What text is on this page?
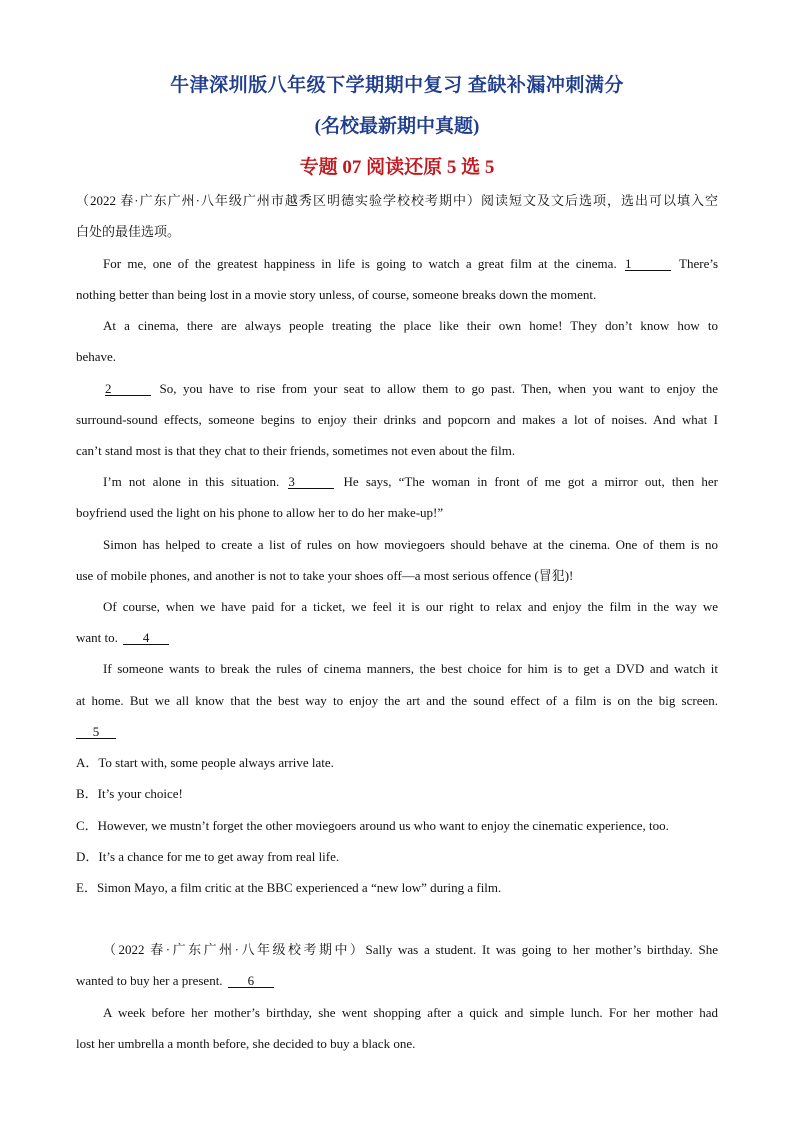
牛津深圳版八年级下学期期中复习 查缺补漏冲刺满分
(名校最新期中真题)
专题 07 阅读还原 5 选 5
（2022 春·广东广州·八年级广州市越秀区明德实验学校校考期中）阅读短文及文后选项，选出可以填入空
白处的最佳选项。
For me, one of the greatest happiness in life is going to watch a great film at the cinema. 1	There’s
nothing better than being lost in a movie story unless, of course, someone breaks down the moment.
At a cinema, there are always people treating the place like their own home! They don’t know how to
behave.
2	So, you have to rise from your seat to allow them to go past. Then, when you want to enjoy the
surround-sound effects, someone begins to enjoy their drinks and popcorn and makes a lot of noises. And what I
can’t stand most is that they chat to their friends, sometimes not even about the film.
I’m not alone in this situation. 3	He says, “The woman in front of me got a mirror out, then her
boyfriend used the light on his phone to allow her to do her make-up!”
Simon has helped to create a list of rules on how moviegoers should behave at the cinema. One of them is no
use of mobile phones, and another is not to take your shoes off—a most serious offence (冒犯)!
Of course, when we have paid for a ticket, we feel it is our right to relax and enjoy the film in the way we
want to. 4
If someone wants to break the rules of cinema manners, the best choice for him is to get a DVD and watch it
at home. But we all know that the best way to enjoy the art and the sound effect of a film is on the big screen.
5
A．To start with, some people always arrive late.
B．It’s your choice!
C．However, we mustn’t forget the other moviegoers around us who want to enjoy the cinematic experience, too.
D．It’s a chance for me to get away from real life.
E．Simon Mayo, a film critic at the BBC experienced a “new low” during a film.
（2022 春·广东广州·八年级校考期中）Sally was a student. It was going to her mother’s birthday. She
wanted to buy her a present. 6
A week before her mother’s birthday, she went shopping after a quick and simple lunch. For her mother had
lost her umbrella a month before, she decided to buy a black one.
